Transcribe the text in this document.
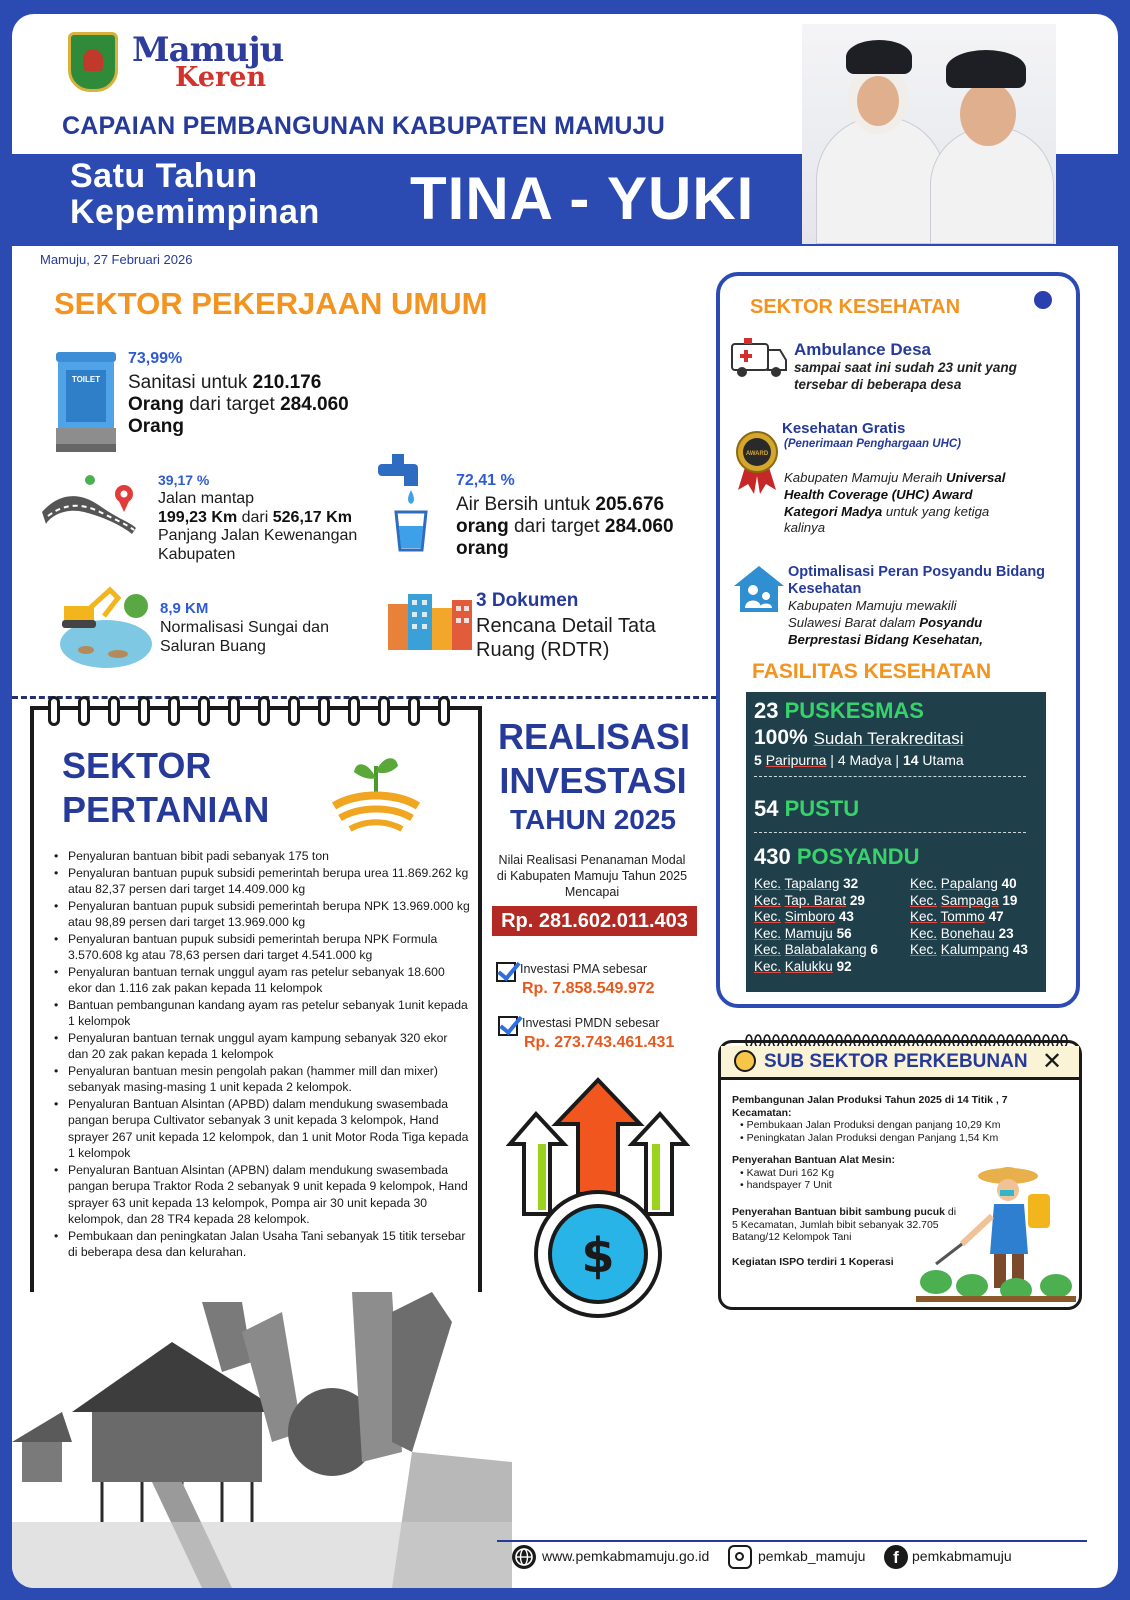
Mamuju
Keren
CAPAIAN PEMBANGUNAN KABUPATEN MAMUJU
Satu Tahun
Kepemimpinan TINA - YUKI
Mamuju, 27 Februari 2026
SEKTOR PEKERJAAN UMUM
TOILET
73,99%
Sanitasi untuk 210.176
Orang dari target 284.060
Orang
39,17 %
Jalan mantap
199,23 Km dari 526,17 Km
Panjang Jalan Kewenangan
Kabupaten
72,41 %
Air Bersih untuk 205.676
orang dari target 284.060
orang
8,9 KM
Normalisasi Sungai dan
Saluran Buang
3 Dokumen
Rencana Detail Tata
Ruang (RDTR)
SEKTOR
PERTANIAN
• Penyaluran bantuan bibit padi sebanyak 175 ton
• Penyaluran bantuan pupuk subsidi pemerintah berupa urea 11.869.262 kg atau 82,37 persen dari target 14.409.000 kg
• Penyaluran bantuan pupuk subsidi pemerintah berupa NPK 13.969.000 kg atau 98,89 persen dari target 13.969.000 kg
• Penyaluran bantuan pupuk subsidi pemerintah berupa NPK Formula 3.570.608 kg atau 78,63 persen dari target 4.541.000 kg
• Penyaluran bantuan ternak unggul ayam ras petelur sebanyak 18.600 ekor dan 1.116 zak pakan kepada 11 kelompok
• Bantuan pembangunan kandang ayam ras petelur sebanyak 1unit kepada 1 kelompok
• Penyaluran bantuan ternak unggul ayam kampung sebanyak 320 ekor dan 20 zak pakan kepada 1 kelompok
• Penyaluran bantuan mesin pengolah pakan (hammer mill dan mixer) sebanyak masing-masing 1 unit kepada 2 kelompok.
• Penyaluran Bantuan Alsintan (APBD) dalam mendukung swasembada pangan berupa Cultivator sebanyak 3 unit kepada 3 kelompok, Hand sprayer 267 unit kepada 12 kelompok, dan 1 unit Motor Roda Tiga kepada 1 kelompok
• Penyaluran Bantuan Alsintan (APBN) dalam mendukung swasembada pangan berupa Traktor Roda 2 sebanyak 9 unit kepada 9 kelompok, Hand sprayer 63 unit kepada 13 kelompok, Pompa air 30 unit kepada 30 kelompok, dan 28 TR4 kepada 28 kelompok.
• Pembukaan dan peningkatan Jalan Usaha Tani sebanyak 15 titik tersebar di beberapa desa dan kelurahan.
REALISASI
INVESTASI
TAHUN 2025
Nilai Realisasi Penanaman Modal di Kabupaten Mamuju Tahun 2025 Mencapai
Rp. 281.602.011.403
Investasi PMA sebesar
Rp. 7.858.549.972
Investasi PMDN sebesar
Rp. 273.743.461.431
$
SEKTOR KESEHATAN
Ambulance Desa
sampai saat ini sudah 23 unit yang
tersebar di beberapa desa
AWARD
Kesehatan Gratis
(Penerimaan Penghargaan UHC)
Kabupaten Mamuju Meraih Universal
Health Coverage (UHC) Award
Kategori Madya untuk yang ketiga
kalinya
Optimalisasi Peran Posyandu Bidang
Kesehatan
Kabupaten Mamuju mewakili
Sulawesi Barat dalam Posyandu
Berprestasi Bidang Kesehatan,
FASILITAS KESEHATAN
23 PUSKESMAS
100% Sudah Terakreditasi
5 Paripurna | 4 Madya | 14 Utama
54 PUSTU
430 POSYANDU
Kec. Tapalang 32
Kec. Tap. Barat 29
Kec. Simboro 43
Kec. Mamuju 56
Kec. Balabalakang 6
Kec. Kalukku 92
Kec. Papalang 40
Kec. Sampaga 19
Kec. Tommo 47
Kec. Bonehau 23
Kec. Kalumpang 43
SUB SEKTOR PERKEBUNAN ✕
Pembangunan Jalan Produksi Tahun 2025 di 14 Titik , 7 Kecamatan:
• Pembukaan Jalan Produksi dengan panjang 10,29 Km
• Peningkatan Jalan Produksi dengan Panjang 1,54 Km
Penyerahan Bantuan Alat Mesin:
• Kawat Duri 162 Kg
• handspayer 7 Unit
Penyerahan Bantuan bibit sambung pucuk di 5 Kecamatan, Jumlah bibit sebanyak 32.705 Batang/12 Kelompok Tani
Kegiatan ISPO terdiri 1 Koperasi
www.pemkabmamuju.go.id	pemkab_mamuju	f pemkabmamuju
